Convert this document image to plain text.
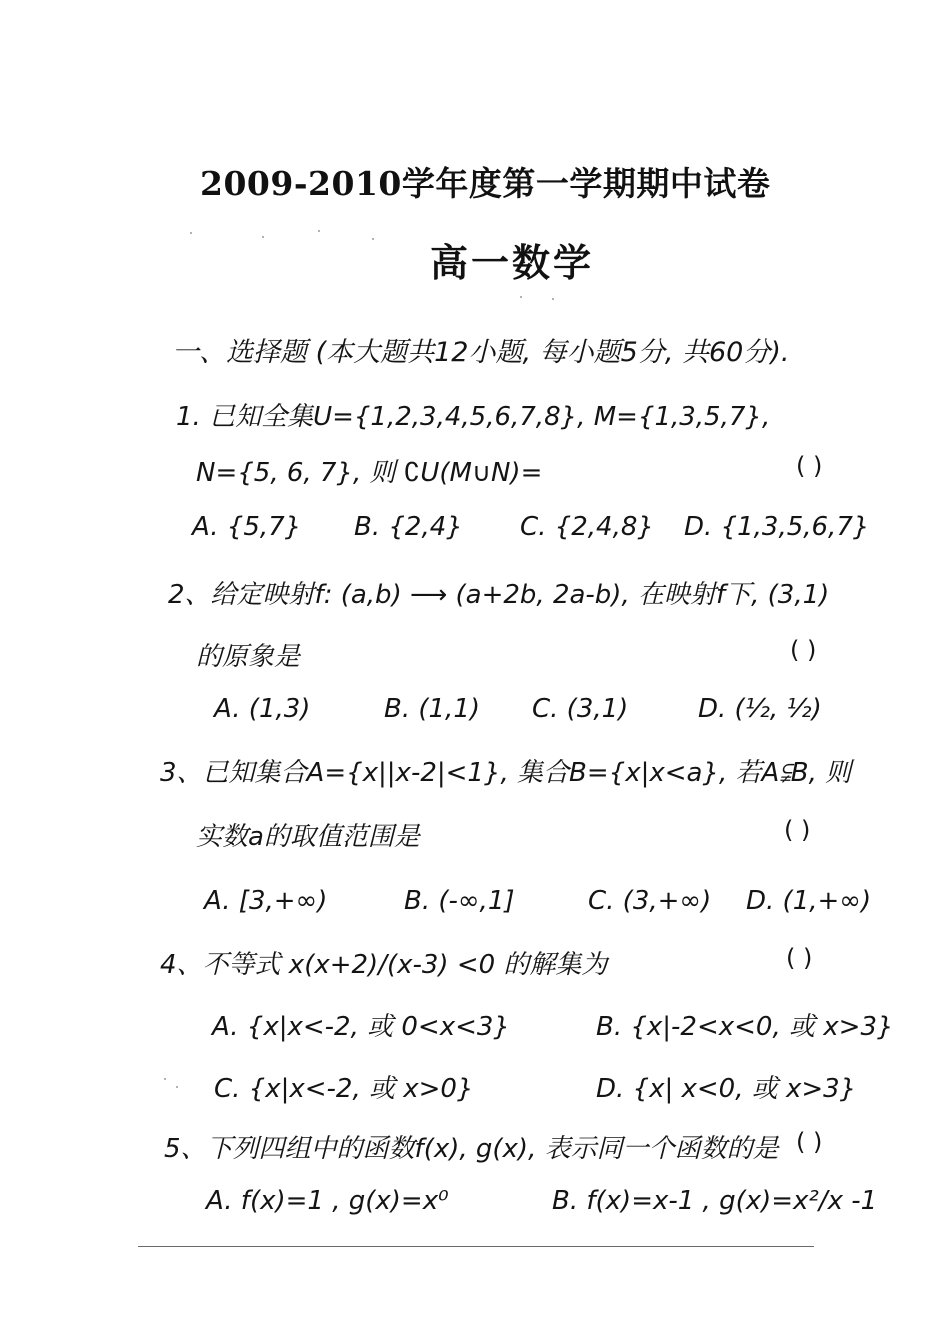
2009-2010学年度第一学期期中试卷
高一数学
一、选择题 (本大题共12小题, 每小题5分, 共60分).
1. 已知全集U={1,2,3,4,5,6,7,8}, M={1,3,5,7},
N={5, 6, 7}, 则 ∁U(M∪N)=	( )
A. {5,7} B. {2,4} C. {2,4,8} D. {1,3,5,6,7}
2、给定映射f: (a,b) ⟶ (a+2b, 2a-b), 在映射f下, (3,1)
的原象是	( )
A. (1,3)	B. (1,1) C. (3,1)	D. (½, ½)
3、已知集合A={x||x-2|<1}, 集合B={x|x<a}, 若A⫋B, 则
实数a的取值范围是	( )
A. [3,+∞)	B. (-∞,1]	C. (3,+∞) D. (1,+∞)
4、不等式 x(x+2)/(x-3) <0 的解集为	( )
A. {x|x<-2, 或 0<x<3}	B. {x|-2<x<0, 或 x>3}
C. {x|x<-2, 或 x>0}	D. {x| x<0, 或 x>3}
5、下列四组中的函数f(x), g(x), 表示同一个函数的是 ( )
A. f(x)=1 , g(x)=x⁰	B. f(x)=x-1 , g(x)=x²/x -1
